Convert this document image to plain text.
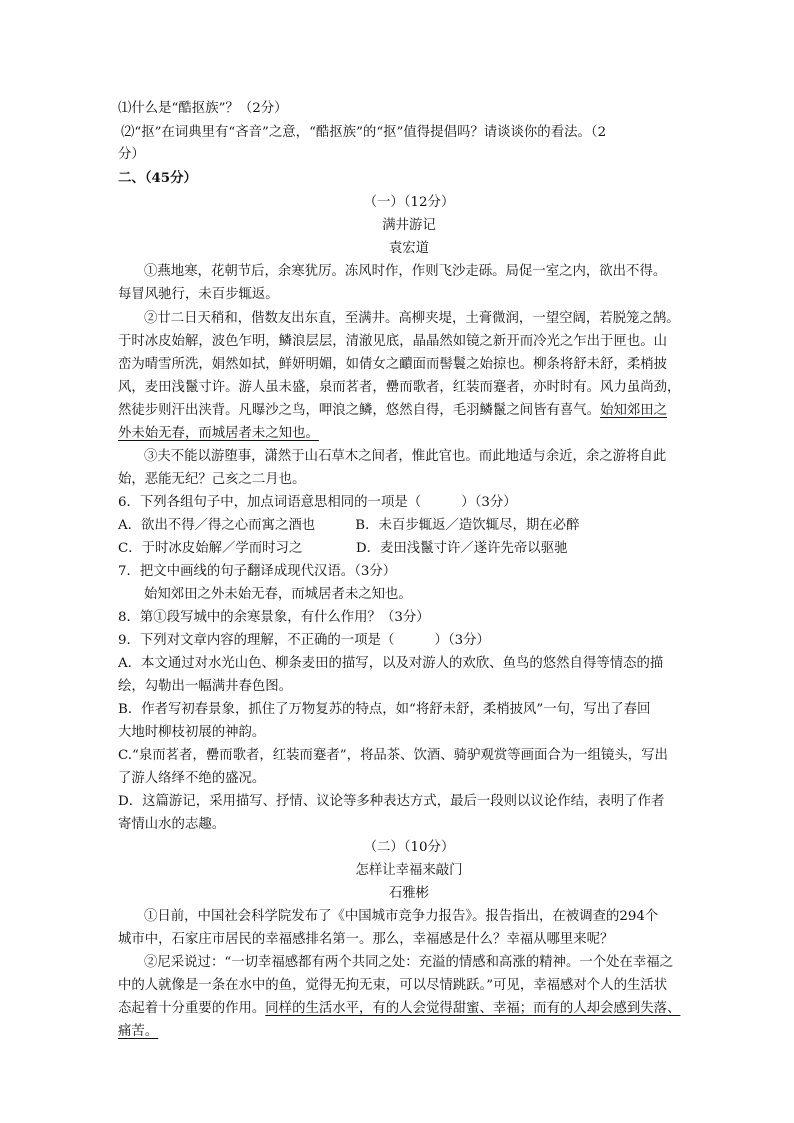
⑴什么是“酷抠族”？（2分）
⑵“抠”在词典里有“吝音”之意，“酷抠族”的“抠”值得提倡吗？请谈谈你的看法。（2
分）
二、（45分）
（一）（12分）
满井游记
袁宏道
①燕地寒，花朝节后，余寒犹厉。冻风时作，作则飞沙走砾。局促一室之内，欲出不得。
每冒风驰行，未百步辄返。
②廿二日天稍和，偕数友出东直，至满井。高柳夹堤，土膏微润，一望空阔，若脱笼之鹄。
于时冰皮始解，波色乍明，鳞浪层层，清澈见底，晶晶然如镜之新开而冷光之乍出于匣也。山
峦为晴雪所洗，娟然如拭，鲜妍明媚，如倩女之靧面而髻鬟之始掠也。柳条将舒未舒，柔梢披
风，麦田浅鬣寸许。游人虽未盛，泉而茗者，罍而歌者，红装而蹇者，亦时时有。风力虽尚劲，
然徒步则汗出浃背。凡曝沙之鸟，呷浪之鳞，悠然自得，毛羽鳞鬣之间皆有喜气。始知郊田之
外未始无春，而城居者未之知也。
③夫不能以游堕事，潇然于山石草木之间者，惟此官也。而此地适与余近，余之游将自此
始，恶能无纪？己亥之二月也。
6．下列各组句子中，加点词语意思相同的一项是（　　　）（3分）
A．欲出不得／得之心而寓之酒也　　　B．未百步辄返／造饮辄尽，期在必醉
C．于时冰皮始解／学而时习之　　　　D．麦田浅鬣寸许／遂许先帝以驱驰
7．把文中画线的句子翻译成现代汉语。（3分）
始知郊田之外未始无春，而城居者未之知也。
8．第①段写城中的余寒景象，有什么作用？（3分）
9．下列对文章内容的理解，不正确的一项是（　　　）（3分）
A．本文通过对水光山色、柳条麦田的描写，以及对游人的欢欣、鱼鸟的悠然自得等情态的描
绘，勾勒出一幅满井春色图。
B．作者写初春景象，抓住了万物复苏的特点，如“将舒未舒，柔梢披风”一句，写出了春回
大地时柳枝初展的神韵。
C.“泉而茗者，罍而歌者，红装而蹇者”，将品茶、饮酒、骑驴观赏等画面合为一组镜头，写出
了游人络绎不绝的盛况。
D．这篇游记，采用描写、抒情、议论等多种表达方式，最后一段则以议论作结，表明了作者
寄情山水的志趣。
（二）（10分）
怎样让幸福来敲门
石雅彬
①日前，中国社会科学院发布了《中国城市竞争力报告》。报告指出，在被调查的294个
城市中，石家庄市居民的幸福感排名第一。那么，幸福感是什么？幸福从哪里来呢？
②尼采说过：“一切幸福感都有两个共同之处：充溢的情感和高涨的精神。一个处在幸福之
中的人就像是一条在水中的鱼，觉得无拘无束，可以尽情跳跃。”可见，幸福感对个人的生活状
态起着十分重要的作用。同样的生活水平，有的人会觉得甜蜜、幸福；而有的人却会感到失落、
痛苦。
